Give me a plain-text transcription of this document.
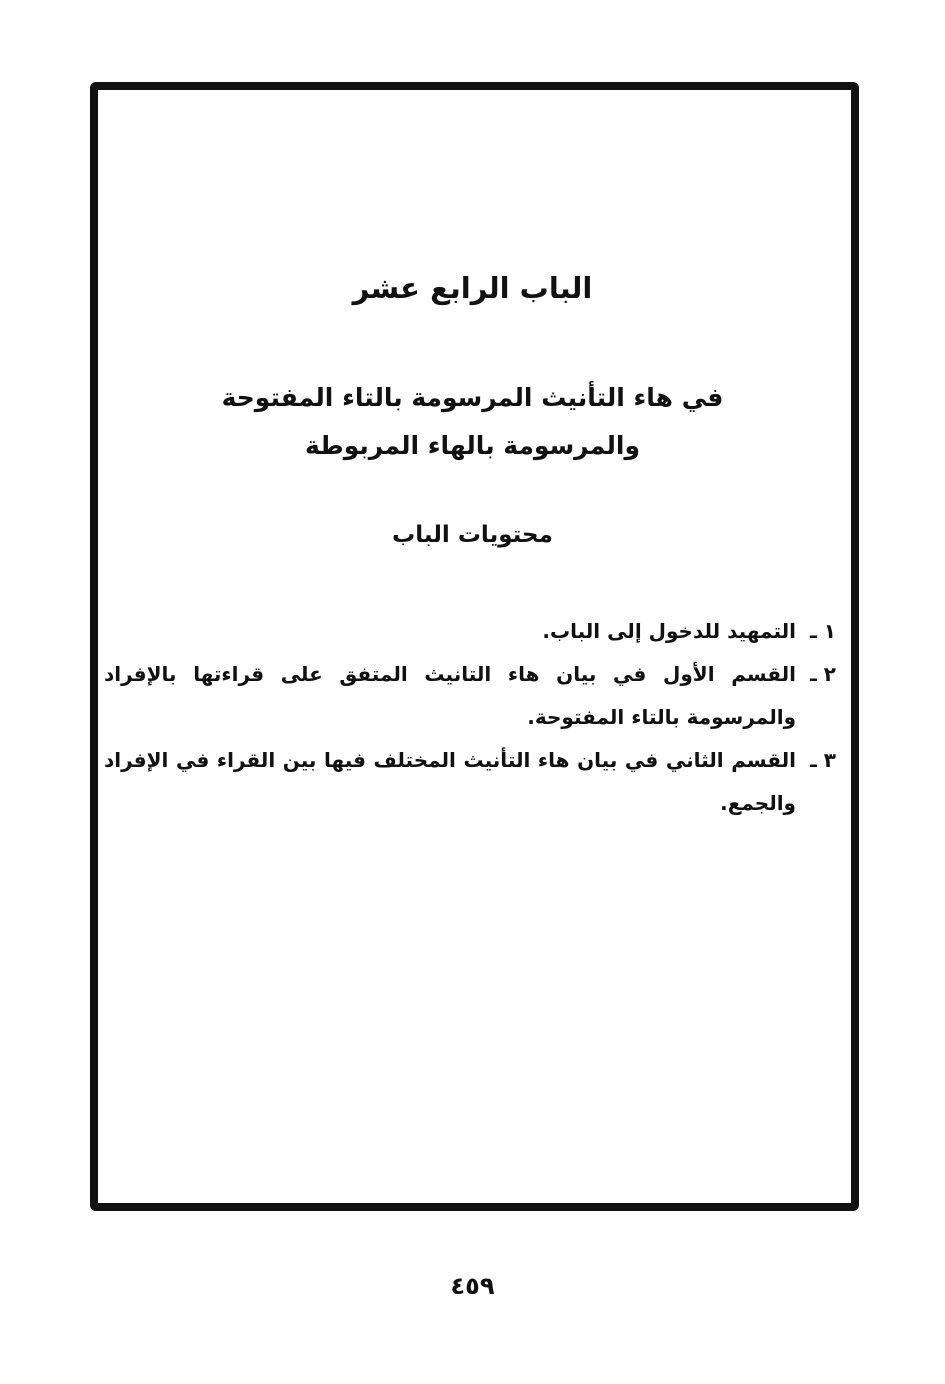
الباب الرابع عشر
في هاء التأنيث المرسومة بالتاء المفتوحة
والمرسومة بالهاء المربوطة
محتويات الباب
١ ـ
التمهيد للدخول إلى الباب.
٢ ـ
القسم الأول في بيان هاء التانيث المتفق على قراءتها بالإفراد والمرسومة بالتاء المفتوحة.
٣ ـ
القسم الثاني في بيان هاء التأنيث المختلف فيها بين القراء في الإفراد والجمع.
٤٥٩
